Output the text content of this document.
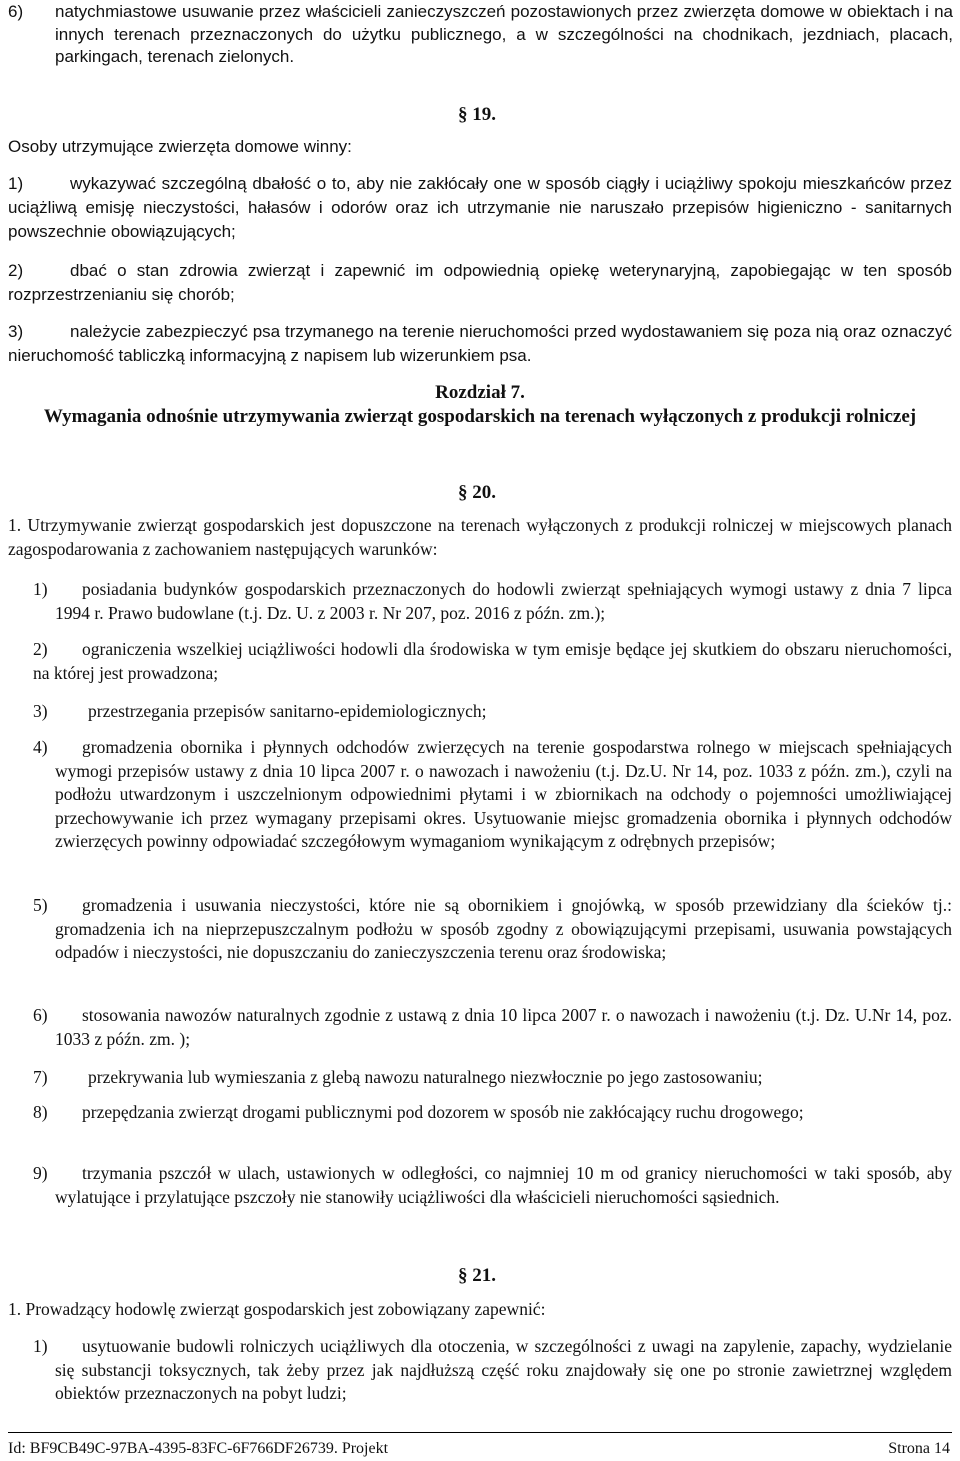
6) natychmiastowe usuwanie przez właścicieli zanieczyszczeń pozostawionych przez zwierzęta domowe w obiektach i na innych terenach przeznaczonych do użytku publicznego, a w szczególności na chodnikach, jezdniach, placach, parkingach, terenach zielonych.
§ 19.
Osoby utrzymujące zwierzęta domowe winny:
1)	wykazywać szczególną dbałość o to, aby nie zakłócały one w sposób ciągły i uciążliwy spokoju mieszkańców przez uciążliwą emisję nieczystości, hałasów i odorów oraz ich utrzymanie nie naruszało przepisów higieniczno - sanitarnych powszechnie obowiązujących;
2)	dbać o stan zdrowia zwierząt i zapewnić im odpowiednią opiekę weterynaryjną, zapobiegając w ten sposób rozprzestrzenianiu się chorób;
3)	należycie zabezpieczyć psa trzymanego na terenie nieruchomości przed wydostawaniem się poza nią oraz oznaczyć nieruchomość tabliczką informacyjną z napisem lub wizerunkiem psa.
Rozdział 7.
Wymagania odnośnie utrzymywania zwierząt gospodarskich na terenach wyłączonych z produkcji rolniczej
§ 20.
1. Utrzymywanie zwierząt gospodarskich jest dopuszczone na terenach wyłączonych z produkcji rolniczej w miejscowych planach zagospodarowania z zachowaniem następujących warunków:
1)	posiadania budynków gospodarskich przeznaczonych do hodowli zwierząt spełniających wymogi ustawy z dnia 7 lipca 1994 r. Prawo budowlane (t.j. Dz. U. z 2003 r. Nr 207, poz. 2016 z późn. zm.);
2)	ograniczenia wszelkiej uciążliwości hodowli dla środowiska w tym emisje będące jej skutkiem do obszaru nieruchomości, na której jest prowadzona;
3) przestrzegania przepisów sanitarno-epidemiologicznych;
4)	gromadzenia obornika i płynnych odchodów zwierzęcych na terenie gospodarstwa rolnego w miejscach spełniających wymogi przepisów ustawy z dnia 10 lipca 2007 r. o nawozach i nawożeniu (t.j. Dz.U. Nr 14, poz. 1033 z późn. zm.), czyli na podłożu utwardzonym i uszczelnionym odpowiednimi płytami i w zbiornikach na odchody o pojemności umożliwiającej przechowywanie ich przez wymagany przepisami okres. Usytuowanie miejsc gromadzenia obornika i płynnych odchodów zwierzęcych powinny odpowiadać szczegółowym wymaganiom wynikającym z odrębnych przepisów;
5)	gromadzenia i usuwania nieczystości, które nie są obornikiem i gnojówką, w sposób przewidziany dla ścieków tj.: gromadzenia ich na nieprzepuszczalnym podłożu w sposób zgodny z obowiązującymi przepisami, usuwania powstających odpadów i nieczystości, nie dopuszczaniu do zanieczyszczenia terenu oraz środowiska;
6)	stosowania nawozów naturalnych zgodnie z ustawą z dnia 10 lipca 2007 r. o nawozach i nawożeniu (t.j. Dz. U.Nr 14, poz. 1033 z późn. zm. );
7) przekrywania lub wymieszania z glebą nawozu naturalnego niezwłocznie po jego zastosowaniu;
8)	przepędzania zwierząt drogami publicznymi pod dozorem w sposób nie zakłócający ruchu drogowego;
9)	trzymania pszczół w ulach, ustawionych w odległości, co najmniej 10 m od granicy nieruchomości w taki sposób, aby wylatujące i przylatujące pszczoły nie stanowiły uciążliwości dla właścicieli nieruchomości sąsiednich.
§ 21.
1. Prowadzący hodowlę zwierząt gospodarskich jest zobowiązany zapewnić:
1)	usytuowanie budowli rolniczych uciążliwych dla otoczenia, w szczególności z uwagi na zapylenie, zapachy, wydzielanie się substancji toksycznych, tak żeby przez jak najdłuższą część roku znajdowały się one po stronie zawietrznej względem obiektów przeznaczonych na pobyt ludzi;
Id: BF9CB49C-97BA-4395-83FC-6F766DF26739. Projekt	Strona 14
